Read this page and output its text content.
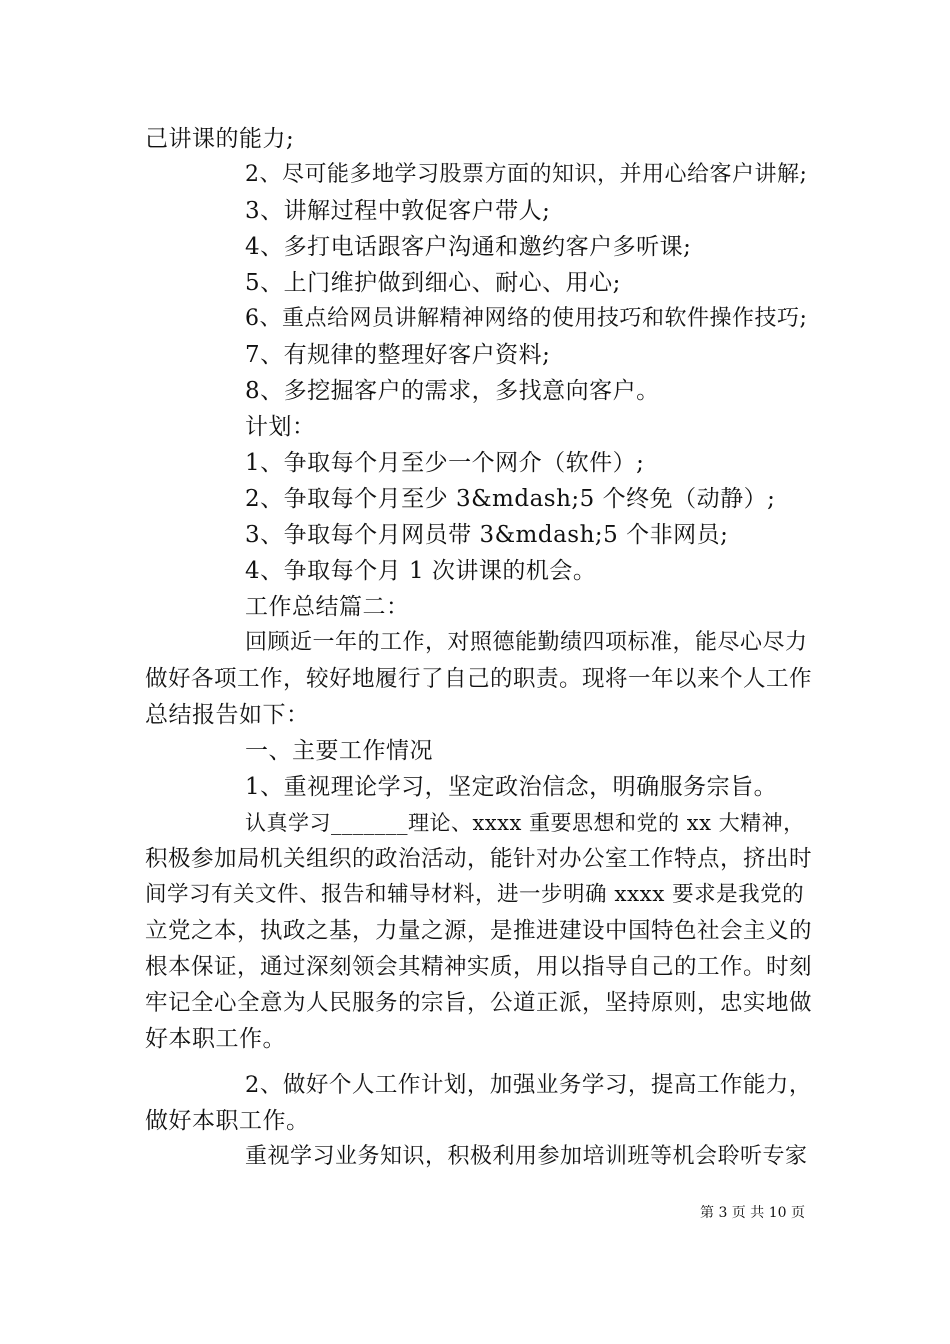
己讲课的能力;
2、尽可能多地学习股票方面的知识，并用心给客户讲解;
3、讲解过程中敦促客户带人;
4、多打电话跟客户沟通和邀约客户多听课;
5、上门维护做到细心、耐心、用心;
6、重点给网员讲解精神网络的使用技巧和软件操作技巧;
7、有规律的整理好客户资料;
8、多挖掘客户的需求，多找意向客户。
计划：
1、争取每个月至少一个网介（软件）;
2、争取每个月至少 3&mdash;5 个终免（动静）;
3、争取每个月网员带 3&mdash;5 个非网员;
4、争取每个月 1 次讲课的机会。
工作总结篇二：
回顾近一年的工作，对照德能勤绩四项标准，能尽心尽力
做好各项工作，较好地履行了自己的职责。现将一年以来个人工作
总结报告如下：
一、主要工作情况
1、重视理论学习，坚定政治信念，明确服务宗旨。
认真学习_______理论、xxxx 重要思想和党的 xx 大精神，
积极参加局机关组织的政治活动，能针对办公室工作特点，挤出时
间学习有关文件、报告和辅导材料，进一步明确 xxxx 要求是我党的
立党之本，执政之基，力量之源，是推进建设中国特色社会主义的
根本保证，通过深刻领会其精神实质，用以指导自己的工作。时刻
牢记全心全意为人民服务的宗旨，公道正派，坚持原则，忠实地做
好本职工作。
2、做好个人工作计划，加强业务学习，提高工作能力，
做好本职工作。
重视学习业务知识，积极利用参加培训班等机会聆听专家
第 3 页 共 10 页
